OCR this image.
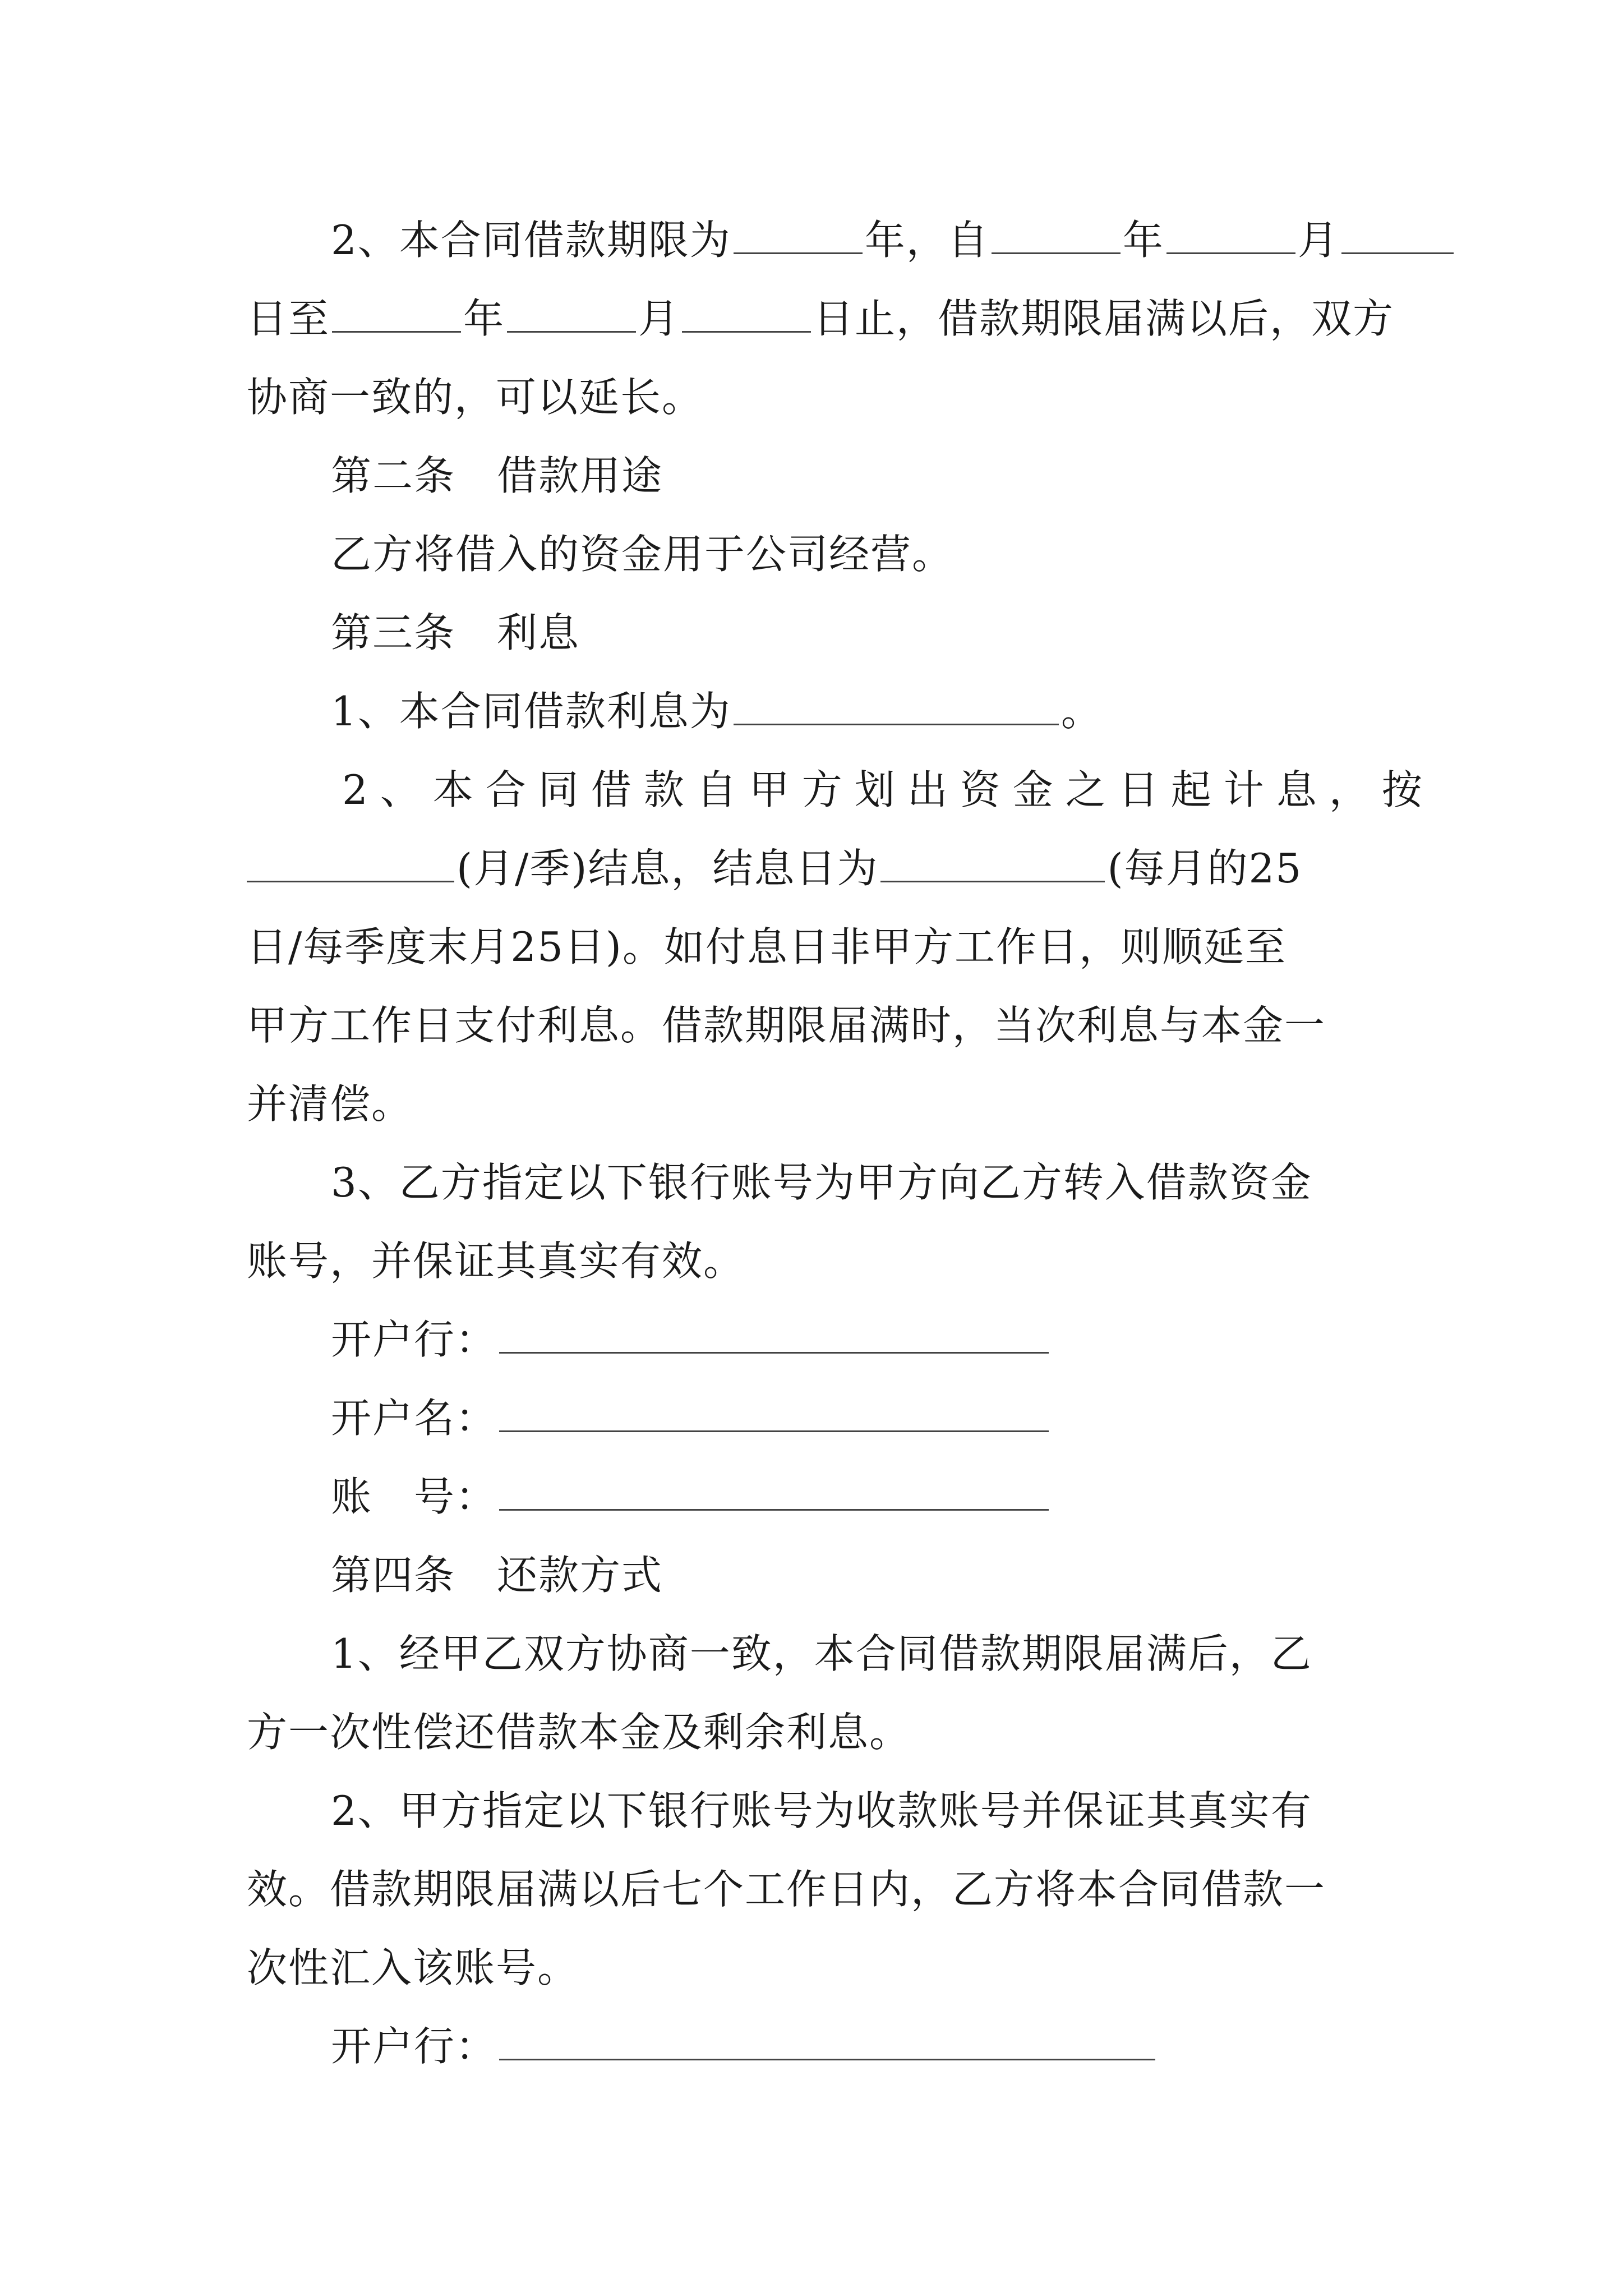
2、本合同借款期限为	年，自	年	月
日至	年	月	日止，借款期限届满以后，双方
协商一致的，可以延长。
第二条　借款用途
乙方将借入的资金用于公司经营。
第三条　利息
1、本合同借款利息为	。
2、本合同借款自甲方划出资金之日起计息，按
(月/季)结息，结息日为	(每月的25
日/每季度末月25日)。如付息日非甲方工作日，则顺延至
甲方工作日支付利息。借款期限届满时，当次利息与本金一
并清偿。
3、乙方指定以下银行账号为甲方向乙方转入借款资金
账号，并保证其真实有效。
开户行：
开户名：
账　号：
第四条　还款方式
1、经甲乙双方协商一致，本合同借款期限届满后，乙
方一次性偿还借款本金及剩余利息。
2、甲方指定以下银行账号为收款账号并保证其真实有
效。借款期限届满以后七个工作日内，乙方将本合同借款一
次性汇入该账号。
开户行：
